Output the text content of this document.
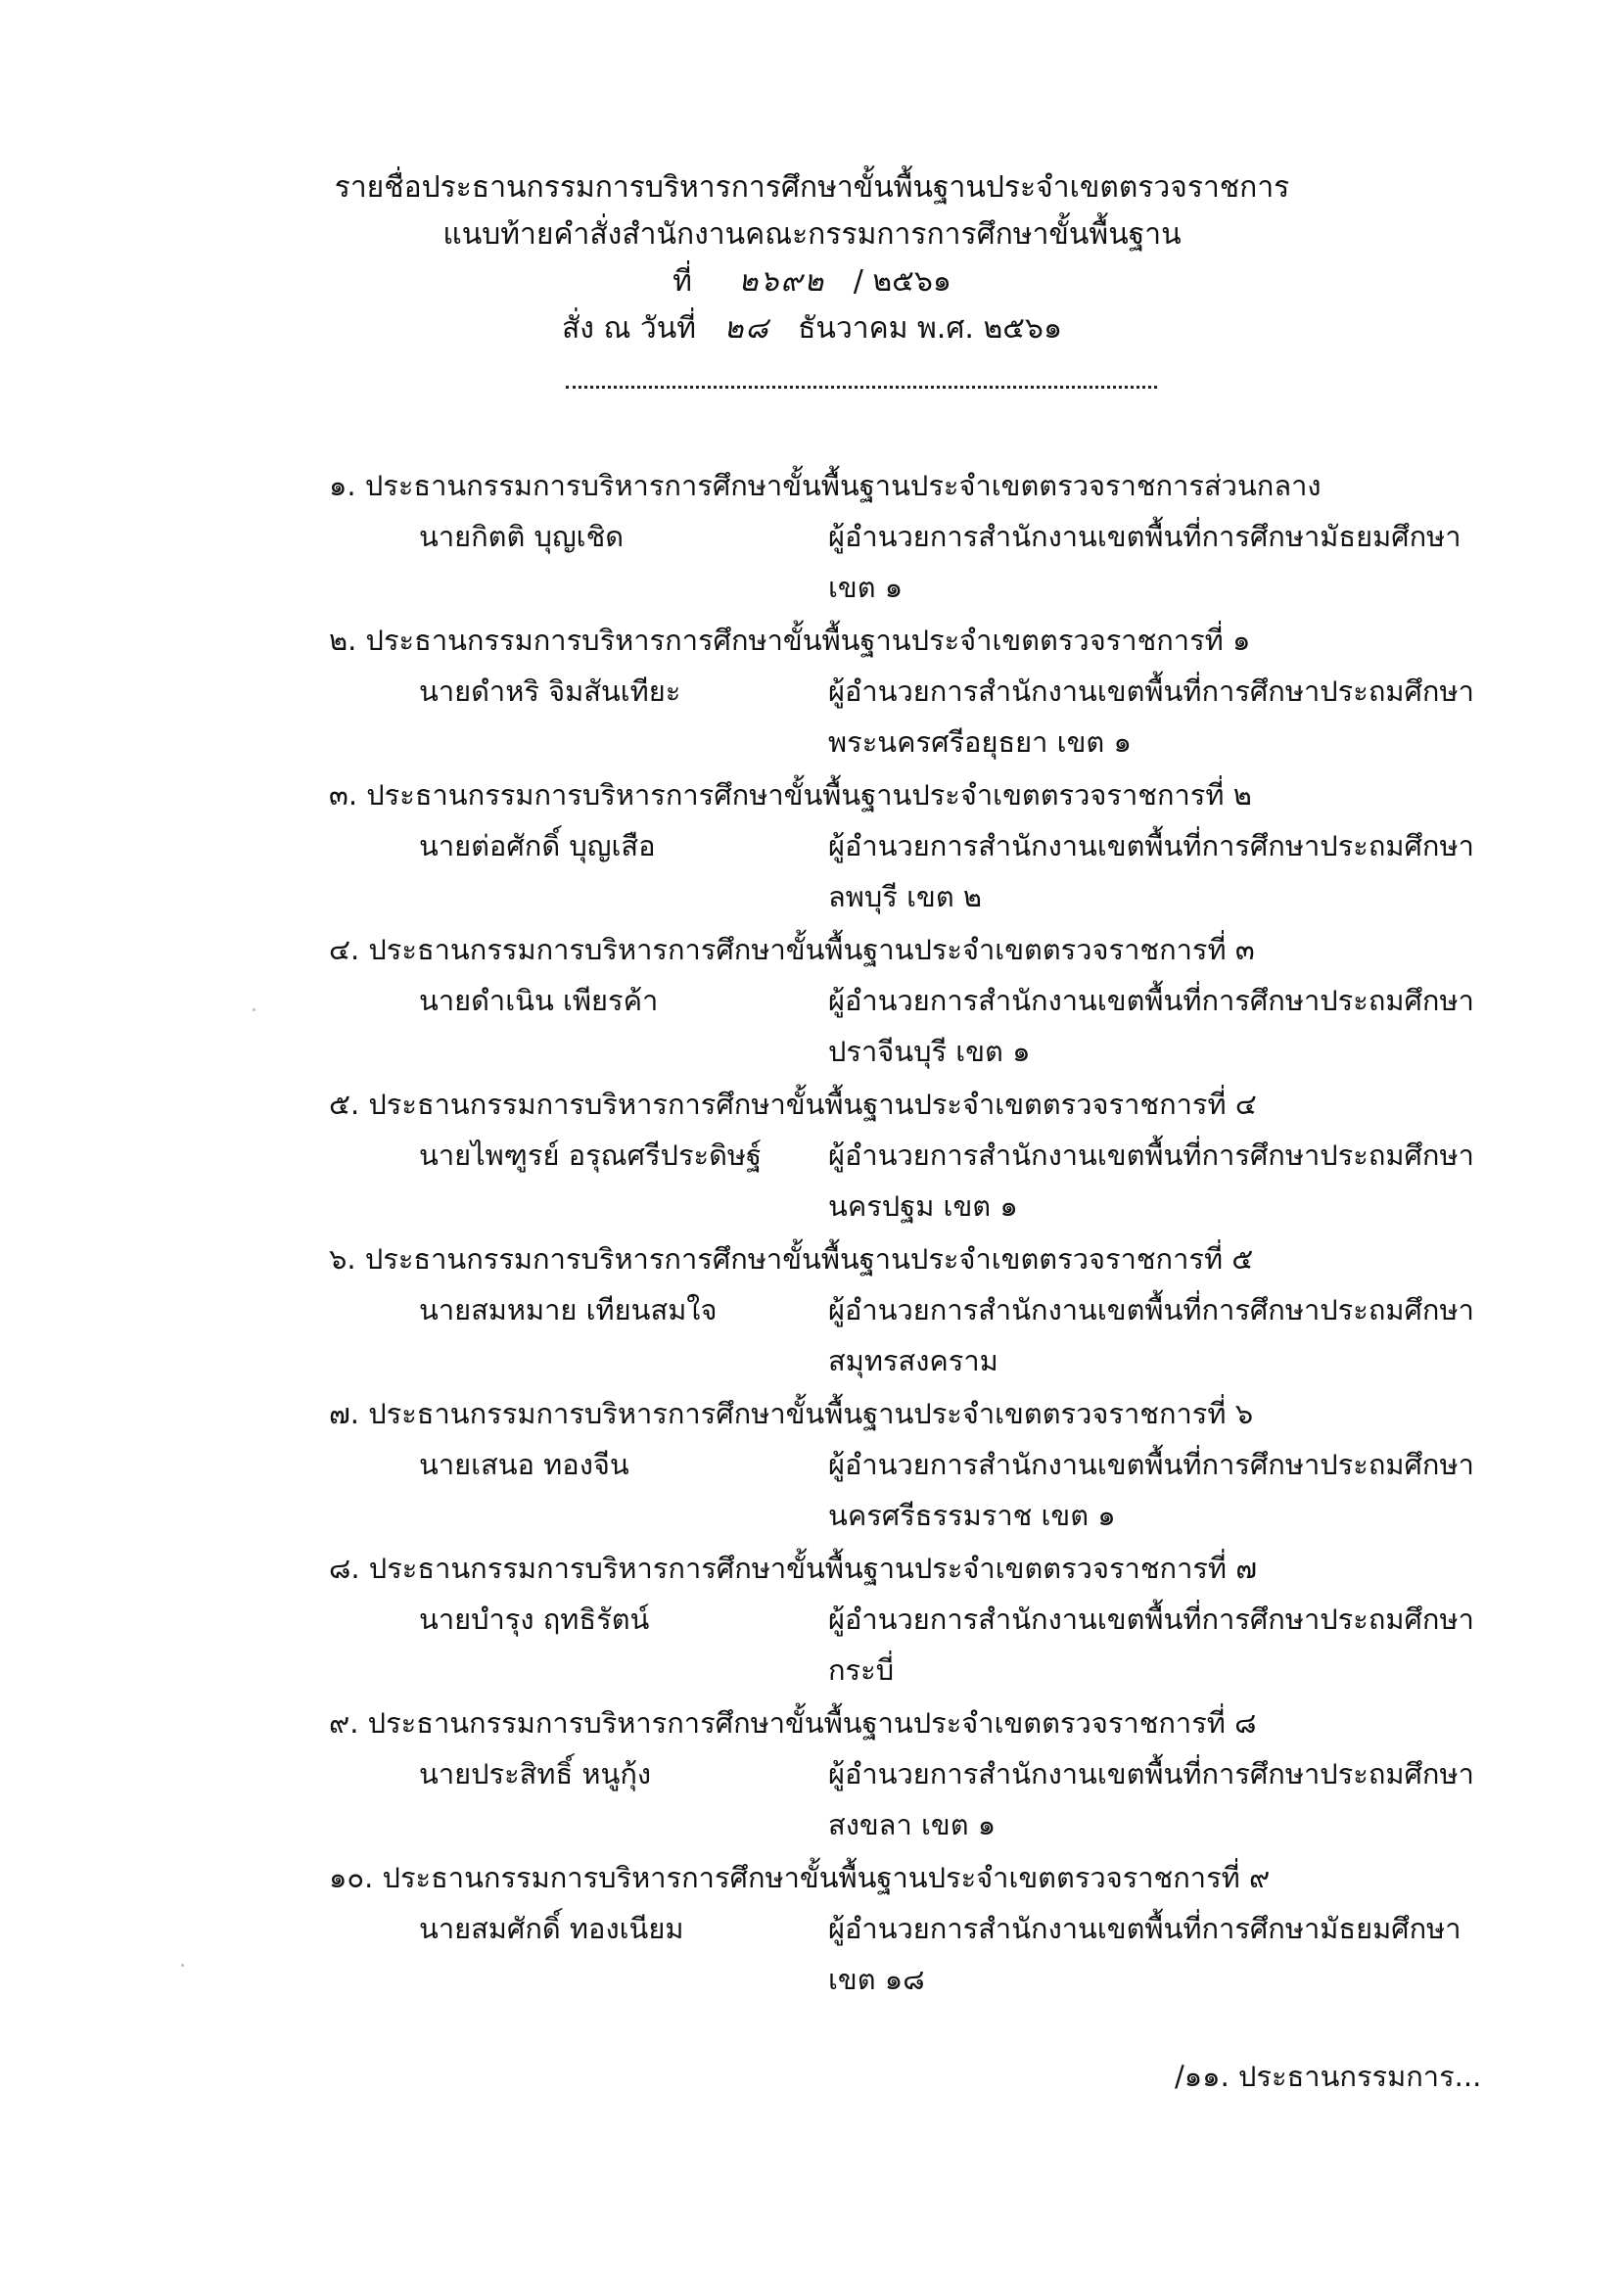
รายชื่อประธานกรรมการบริหารการศึกษาขั้นพื้นฐานประจำเขตตรวจราชการ
แนบท้ายคำสั่งสำนักงานคณะกรรมการการศึกษาขั้นพื้นฐาน
ที่ ๒๖๙๒ / ๒๕๖๑
สั่ง ณ วันที่ ๒๘ ธันวาคม พ.ศ. ๒๕๖๑
๑. ประธานกรรมการบริหารการศึกษาขั้นพื้นฐานประจำเขตตรวจราชการส่วนกลาง
นายกิตติ บุญเชิด	ผู้อำนวยการสำนักงานเขตพื้นที่การศึกษามัธยมศึกษา
เขต ๑
๒. ประธานกรรมการบริหารการศึกษาขั้นพื้นฐานประจำเขตตรวจราชการที่ ๑
นายดำหริ จิมสันเทียะ	ผู้อำนวยการสำนักงานเขตพื้นที่การศึกษาประถมศึกษา
พระนครศรีอยุธยา เขต ๑
๓. ประธานกรรมการบริหารการศึกษาขั้นพื้นฐานประจำเขตตรวจราชการที่ ๒
นายต่อศักดิ์ บุญเสือ	ผู้อำนวยการสำนักงานเขตพื้นที่การศึกษาประถมศึกษา
ลพบุรี เขต ๒
๔. ประธานกรรมการบริหารการศึกษาขั้นพื้นฐานประจำเขตตรวจราชการที่ ๓
นายดำเนิน เพียรค้า	ผู้อำนวยการสำนักงานเขตพื้นที่การศึกษาประถมศึกษา
ปราจีนบุรี เขต ๑
๕. ประธานกรรมการบริหารการศึกษาขั้นพื้นฐานประจำเขตตรวจราชการที่ ๔
นายไพฑูรย์ อรุณศรีประดิษฐ์ ผู้อำนวยการสำนักงานเขตพื้นที่การศึกษาประถมศึกษา
นครปฐม เขต ๑
๖. ประธานกรรมการบริหารการศึกษาขั้นพื้นฐานประจำเขตตรวจราชการที่ ๕
นายสมหมาย เทียนสมใจ	ผู้อำนวยการสำนักงานเขตพื้นที่การศึกษาประถมศึกษา
สมุทรสงคราม
๗. ประธานกรรมการบริหารการศึกษาขั้นพื้นฐานประจำเขตตรวจราชการที่ ๖
นายเสนอ ทองจีน	ผู้อำนวยการสำนักงานเขตพื้นที่การศึกษาประถมศึกษา
นครศรีธรรมราช เขต ๑
๘. ประธานกรรมการบริหารการศึกษาขั้นพื้นฐานประจำเขตตรวจราชการที่ ๗
นายบำรุง ฤทธิรัตน์	ผู้อำนวยการสำนักงานเขตพื้นที่การศึกษาประถมศึกษา
กระบี่
๙. ประธานกรรมการบริหารการศึกษาขั้นพื้นฐานประจำเขตตรวจราชการที่ ๘
นายประสิทธิ์ หนูกุ้ง	ผู้อำนวยการสำนักงานเขตพื้นที่การศึกษาประถมศึกษา
สงขลา เขต ๑
๑๐. ประธานกรรมการบริหารการศึกษาขั้นพื้นฐานประจำเขตตรวจราชการที่ ๙
นายสมศักดิ์ ทองเนียม	ผู้อำนวยการสำนักงานเขตพื้นที่การศึกษามัธยมศึกษา
เขต ๑๘
/๑๑. ประธานกรรมการ...
